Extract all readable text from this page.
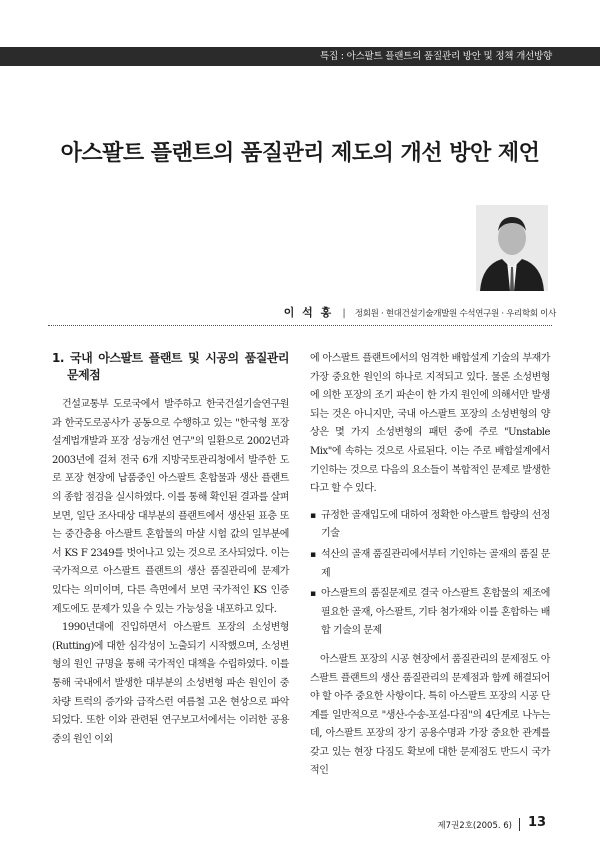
특집 : 아스팔트 플랜트의 품질관리 방안 및 정책 개선방향
아스팔트 플랜트의 품질관리 제도의 개선 방안 제언
이 석 홍 | 정회원 · 현대건설기술개발원 수석연구원 · 우리학회 이사
1. 국내 아스팔트 플랜트 및 시공의 품질관리 문제점

건설교통부 도로국에서 발주하고 한국건설기술연구원과 한국도로공사가 공동으로 수행하고 있는 "한국형 포장설계법개발과 포장 성능개선 연구"의 일환으로 2002년과 2003년에 걸쳐 전국 6개 지방국토관리청에서 발주한 도로 포장 현장에 납품중인 아스팔트 혼합물과 생산 플랜트의 종합 점검을 실시하였다. 이를 통해 확인된 결과를 살펴보면, 일단 조사대상 대부분의 플랜트에서 생산된 표층 또는 중간층용 아스팔트 혼합물의 마샬 시험 값의 일부분에서 KS F 2349를 벗어나고 있는 것으로 조사되었다. 이는 국가적으로 아스팔트 플랜트의 생산 품질관리에 문제가 있다는 의미이며, 다른 측면에서 보면 국가적인 KS 인증제도에도 문제가 있을 수 있는 가능성을 내포하고 있다.

1990년대에 진입하면서 아스팔트 포장의 소성변형(Rutting)에 대한 심각성이 노출되기 시작했으며, 소성변형의 원인 규명을 통해 국가적인 대책을 수립하였다. 이를 통해 국내에서 발생한 대부분의 소성변형 파손 원인이 중차량 트럭의 증가와 급작스런 여름철 고온 현상으로 파악되었다. 또한 이와 관련된 연구보고서에서는 이러한 공용중의 원인 이외

에 아스팔트 플랜트에서의 엄격한 배합설계 기술의 부재가 가장 중요한 원인의 하나로 지적되고 있다. 물론 소성변형에 의한 포장의 조기 파손이 한 가지 원인에 의해서만 발생되는 것은 아니지만, 국내 아스팔트 포장의 소성변형의 양상은 몇 가지 소성변형의 패턴 중에 주로 "Unstable Mix"에 속하는 것으로 사료된다. 이는 주로 배합설계에서 기인하는 것으로 다음의 요소들이 복합적인 문제로 발생한다고 할 수 있다.

▪ 규정한 골재입도에 대하여 정확한 아스팔트 함량의 선정 기술
▪ 석산의 골재 품질관리에서부터 기인하는 골재의 품질 문제
▪ 아스팔트의 품질문제로 결국 아스팔트 혼합물의 제조에 필요한 골재, 아스팔트, 기타 첨가재와 이를 혼합하는 배합 기술의 문제

아스팔트 포장의 시공 현장에서 품질관리의 문제점도 아스팔트 플랜트의 생산 품질관리의 문제점과 함께 해결되어야 할 아주 중요한 사항이다. 특히 아스팔트 포장의 시공 단계를 일반적으로 "생산-수송-포설-다짐"의 4단계로 나누는데, 아스팔트 포장의 장기 공용수명과 가장 중요한 관계를 갖고 있는 현장 다짐도 확보에 대한 문제점도 반드시 국가적인

제7권2호(2005. 6) 13
